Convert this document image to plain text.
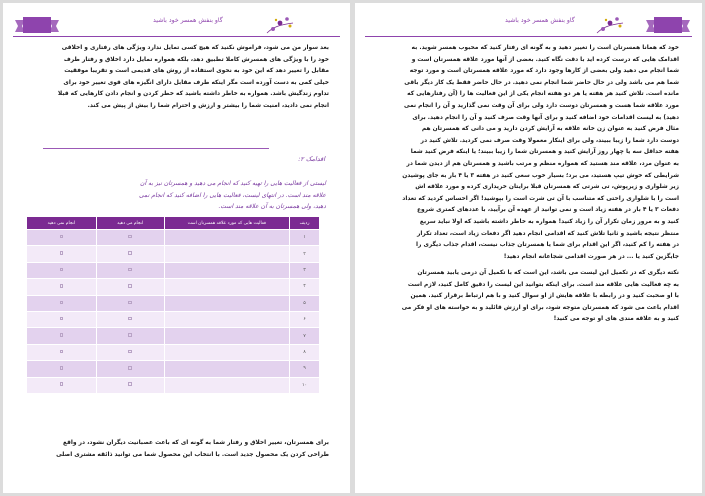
۳۰
گاو بنفش همسر خود باشید
بعد سوار من می شود، فراموش نکنید که هیچ کسی تمایل ندارد ویژگی های رفتاری و اخلاقی
خود را با ویژگی های همسرش کاملا تطبیق دهد، بلکه همواره تمایل دارد اخلاق و رفتار طرف
مقابل را تغییر دهد که این خود به نحوی استفاده از روش های قدیمی است و تقریبا موفقیت
خیلی کمی به دست آورده است مگر اینکه طرف مقابل دارای انگیزه های قوی تغییر خود برای
تداوم زندگیش باشد. همواره به خاطر داشته باشید که خطر کردن و انجام دادن کارهایی که قبلا
انجام نمی دادید، امنیت شما را بیشتر و ارزش و احترام شما را بیش از پیش می کند.
اقدامک ۲:
لیستی از فعالیت هایی را تهیه کنید که انجام می دهید و همسرتان نیز به آن
علاقه مند است. در انتهای لیست، فعالیت هایی را اضافه کنید که انجام نمی
دهید، ولی همسرتان به آن علاقه مند است.
ردیف	فعالیت هایی که مورد علاقه همسرتان است	انجام می دهید	انجام نمی دهید
۱			
۲			
۳			
۴			
۵			
۶			
۷			
۸			
۹			
۱۰			
برای همسرتان، تغییر اخلاق و رفتار شما به گونه ای که باعث عصبانیت دیگران نشود، در واقع
طراحی کردن یک محصول جدید است. با انتخاب این محصول شما می توانید ذائقه مشتری اصلی
۲۹
گاو بنفش همسر خود باشید
خود که همانا همسرتان است را تغییر دهید و به گونه ای رفتار کنید که محبوب همسر شوید. به
اقدامک هایی که درست کرده اید با دقت نگاه کنید. بعضی از آنها مورد علاقه همسرتان است و
شما انجام می دهید ولی بعضی از کارها وجود دارد که مورد علاقه همسرتان است و مورد توجه
شما هم می باشد ولی در حال حاضر شما انجام نمی دهید. در حال حاضر فقط یک کار دیگر باقی
مانده است. تلاش کنید هر هفته یا هر دو هفته انجام یکی از این فعالیت ها را (آن رفتارهایی که
مورد علاقه شما هست و همسرتان دوست دارد ولی برای آن وقت نمی گذارید و آن را انجام نمی
دهید) به لیست اقدامات خود اضافه کنید و برای آنها وقت صرف کنید و آن را انجام دهید. برای
مثال فرض کنید به عنوان زن خانه علاقه به آرایش کردن دارید و می دانی که همسرتان هم
دوست دارد شما را زیبا ببیند، ولی برای اینکار معمولا وقت صرف نمی کردید. تلاش کنید در
هفته حداقل سه یا چهار روز آرایش کنید و همسرتان شما را زیبا ببیند؛ یا اینکه فرض کنید شما
به عنوان مرد، علاقه مند هستید که همواره منظم و مرتب باشید و همسرتان هم از دیدن شما در
شرایطی که خوش تیپ هستید، می برد؛ بسیار خوب سعی کنید در هفته ۳ یا ۴ بار به جای پوشیدن
زیر شلواری و زیرپوش، تی شرتی که همسرتان قبلا برایتان خریداری کرده و مورد علاقه اش
است را با شلواری راحتی که متناسب با آن تی شرت است را بپوشید! اگر احساس کردید که تعداد
دفعات ۳ یا ۴ بار در هفته زیاد است و نمی توانید از عهده آن برآیید، با عددهای کمتری شروع
کنید و به مرور زمان تکرار آن را زیاد کنید! همواره به خاطر داشته باشید که اولا نباید سریع
منتظر نتیجه باشید و ثانیا تلاش کنید که اقدامی انجام دهید اگر دفعات زیاد است، تعداد تکرار
در هفته را کم کنید، اگر این اقدام برای شما یا همسرتان جذاب نیست، اقدام جذاب دیگری را
جایگزین کنید یا ... در هر صورت اقدامی شجاعانه انجام دهید!
نکته دیگری که در تکمیل این لیست می باشد، این است که با تکمیل آن درمی یابید همسرتان
به چه فعالیت هایی علاقه مند است. برای اینکه بتوانید این لیست را دقیق کامل کنید، لازم است
با او صحبت کنید و در رابطه با علاقه هایش از او سوال کنید و با هم ارتباط برقرار کنید. همین
اقدام باعث می شود که همسرتان متوجه شود، برای او ارزش قائلید و به خواسته های او فکر می
کنید و به علاقه مندی های او توجه می کنید!
